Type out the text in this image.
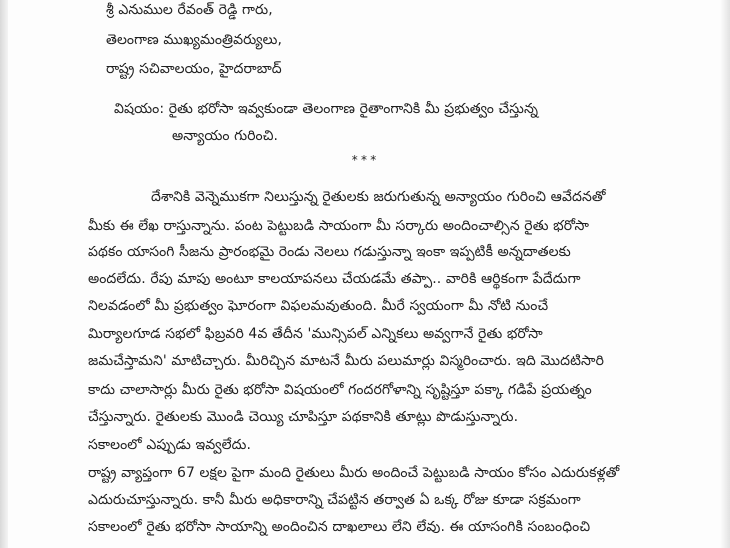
శ్రీ ఎనుముల రేవంత్ రెడ్డి గారు,
తెలంగాణ ముఖ్యమంత్రివర్యులు,
రాష్ట్ర సచివాలయం, హైదరాబాద్
విషయం: రైతు భరోసా ఇవ్వకుండా తెలంగాణ రైతాంగానికి మీ ప్రభుత్వం చేస్తున్న
అన్యాయం గురించి.
***
దేశానికి వెన్నెముకగా నిలుస్తున్న రైతులకు జరుగుతున్న అన్యాయం గురించి ఆవేదనతో
మీకు ఈ లేఖ రాస్తున్నాను. పంట పెట్టుబడి సాయంగా మీ సర్కారు అందించాల్సిన రైతు భరోసా
పథకం యాసంగి సీజను ప్రారంభమై రెండు నెలలు గడుస్తున్నా ఇంకా ఇప్పటికీ అన్నదాతలకు
అందలేదు. రేపు మాపు అంటూ కాలయాపనలు చేయడమే తప్పా.. వారికి ఆర్థికంగా పేదేదుగా
నిలవడంలో మీ ప్రభుత్వం ఘోరంగా విఫలమవుతుంది. మీరే స్వయంగా మీ నోటి నుంచే
మిర్యాలగూడ సభలో ఫిబ్రవరి 4వ తేదీన 'మున్సిపల్ ఎన్నికలు అవ్వగానే రైతు భరోసా
జమచేస్తామని' మాటిచ్చారు. మీరిచ్చిన మాటనే మీరు పలుమార్లు విస్మరించారు. ఇది మొదటిసారి
కాదు చాలాసార్లు మీరు రైతు భరోసా విషయంలో గందరగోళాన్ని సృష్టిస్తూ పక్కా గడిపే ప్రయత్నం
చేస్తున్నారు. రైతులకు మొండి చెయ్యి చూపిస్తూ పథకానికి తూట్లు పొడుస్తున్నారు.
సకాలంలో ఎప్పుడు ఇవ్వలేదు.
రాష్ట్ర వ్యాప్తంగా 67 లక్షల పైగా మంది రైతులు మీరు అందించే పెట్టుబడి సాయం కోసం ఎదురుకళ్లతో
ఎదురుచూస్తున్నారు. కానీ మీరు అధికారాన్ని చేపట్టిన తర్వాత ఏ ఒక్క రోజు కూడా సక్రమంగా
సకాలంలో రైతు భరోసా సాయాన్ని అందించిన దాఖలాలు లేని లేవు. ఈ యాసంగికి సంబంధించి
